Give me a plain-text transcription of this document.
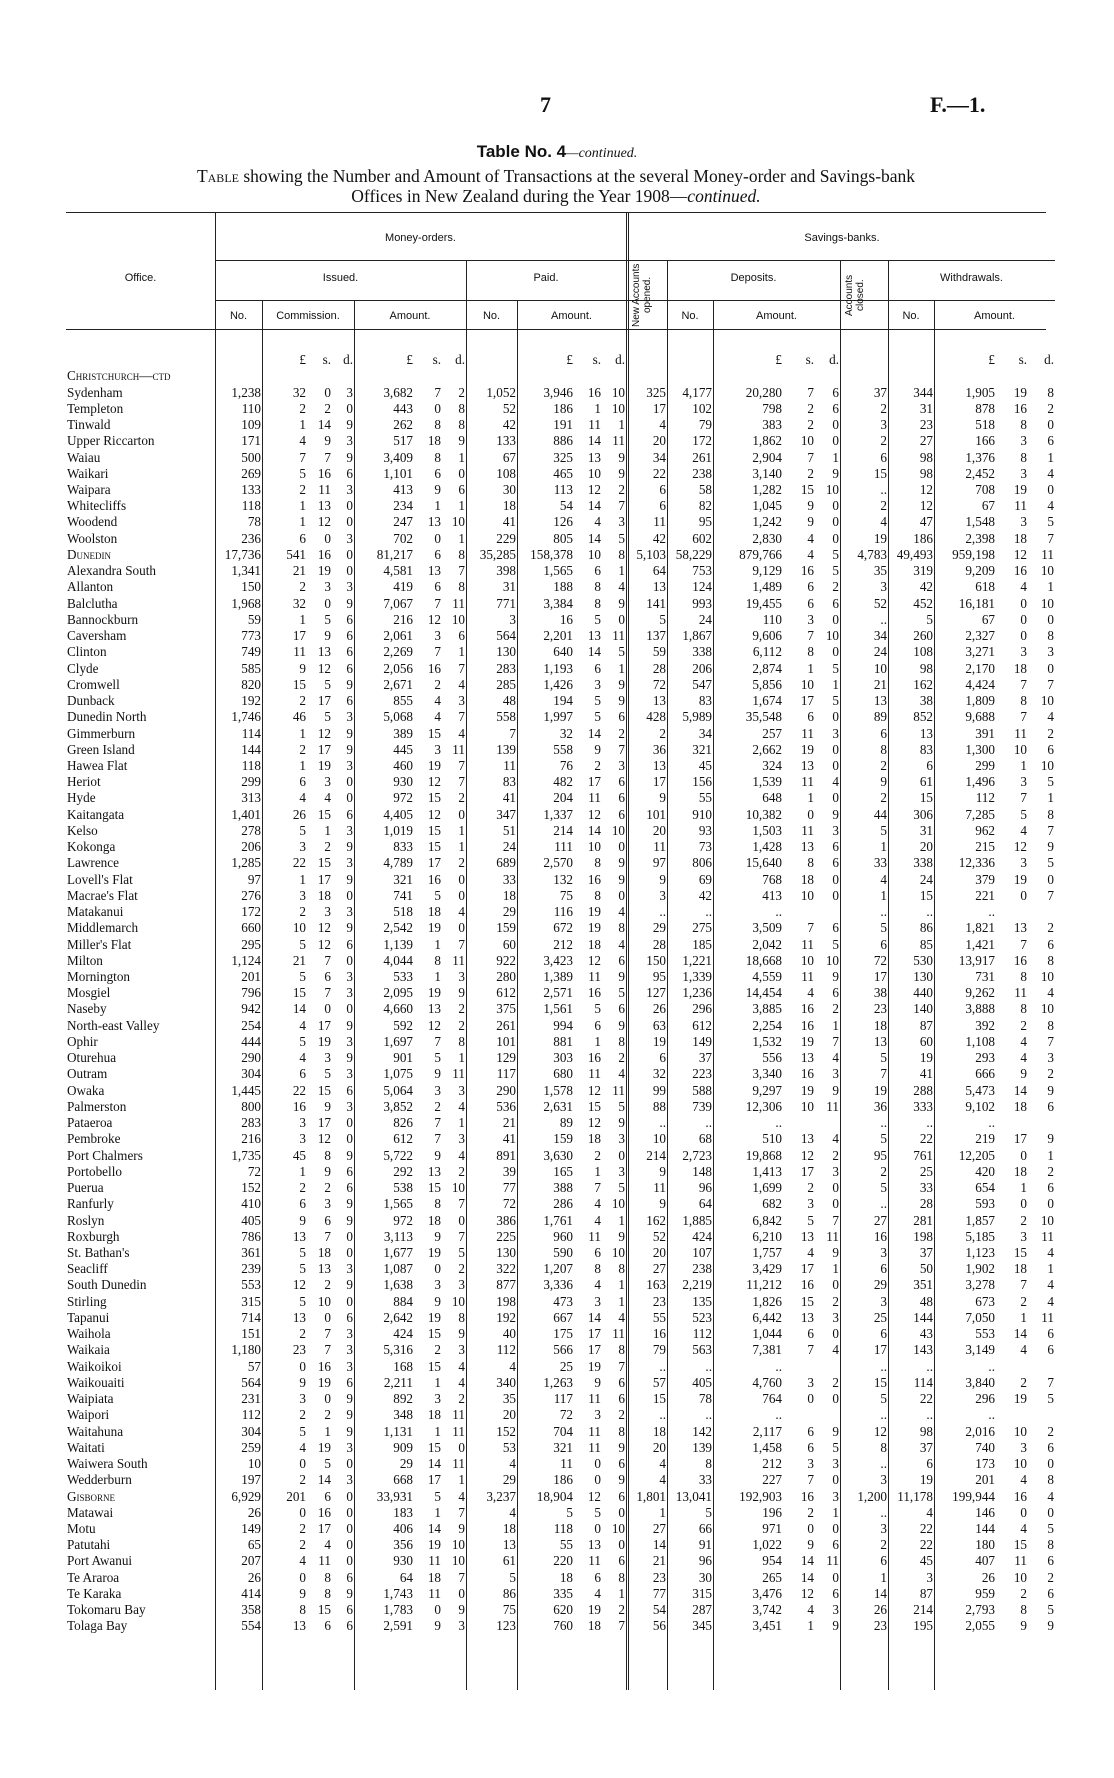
7	F.—1.
Table No. 4—continued.
Table showing the Number and Amount of Transactions at the several Money-order and Savings-bank
Offices in New Zealand during the Year 1908—continued.
Money-orders.	Savings-banks.
Office.	Issued.	Paid.	New Accounts opened.	Deposits.	Accounts closed.
Withdrawals.
No.	Commission.	Amount.	No.	Amount.	No.	Amount.	No.	Amount.
		£	s.	d.	£	s.	d.		£	s.	d.			£	s.	d.			£	s.	d.
Christchurch—ctd																					
Sydenham	1,238	32	0	3	3,682	7	2	1,052	3,946	16	10	325	4,177	20,280	7	6	37	344	1,905	19	8
Templeton	110	2	2	0	443	0	8	52	186	1	10	17	102	798	2	6	2	31	878	16	2
Tinwald	109	1	14	9	262	8	8	42	191	11	1	4	79	383	2	0	3	23	518	8	0
Upper Riccarton	171	4	9	3	517	18	9	133	886	14	11	20	172	1,862	10	0	2	27	166	3	6
Waiau	500	7	7	9	3,409	8	1	67	325	13	9	34	261	2,904	7	1	6	98	1,376	8	1
Waikari	269	5	16	6	1,101	6	0	108	465	10	9	22	238	3,140	2	9	15	98	2,452	3	4
Waipara	133	2	11	3	413	9	6	30	113	12	2	6	58	1,282	15	10	..	12	708	19	0
Whitecliffs	118	1	13	0	234	1	1	18	54	14	7	6	82	1,045	9	0	2	12	67	11	4
Woodend	78	1	12	0	247	13	10	41	126	4	3	11	95	1,242	9	0	4	47	1,548	3	5
Woolston	236	6	0	3	702	0	1	229	805	14	5	42	602	2,830	4	0	19	186	2,398	18	7
Dunedin	17,736	541	16	0	81,217	6	8	35,285	158,378	10	8	5,103	58,229	879,766	4	5	4,783	49,493	959,198	12	11
Alexandra South	1,341	21	19	0	4,581	13	7	398	1,565	6	1	64	753	9,129	16	5	35	319	9,209	16	10
Allanton	150	2	3	3	419	6	8	31	188	8	4	13	124	1,489	6	2	3	42	618	4	1
Balclutha	1,968	32	0	9	7,067	7	11	771	3,384	8	9	141	993	19,455	6	6	52	452	16,181	0	10
Bannockburn	59	1	5	6	216	12	10	3	16	5	0	5	24	110	3	0	..	5	67	0	0
Caversham	773	17	9	6	2,061	3	6	564	2,201	13	11	137	1,867	9,606	7	10	34	260	2,327	0	8
Clinton	749	11	13	6	2,269	7	1	130	640	14	5	59	338	6,112	8	0	24	108	3,271	3	3
Clyde	585	9	12	6	2,056	16	7	283	1,193	6	1	28	206	2,874	1	5	10	98	2,170	18	0
Cromwell	820	15	5	9	2,671	2	4	285	1,426	3	9	72	547	5,856	10	1	21	162	4,424	7	7
Dunback	192	2	17	6	855	4	3	48	194	5	9	13	83	1,674	17	5	13	38	1,809	8	10
Dunedin North	1,746	46	5	3	5,068	4	7	558	1,997	5	6	428	5,989	35,548	6	0	89	852	9,688	7	4
Gimmerburn	114	1	12	9	389	15	4	7	32	14	2	2	34	257	11	3	6	13	391	11	2
Green Island	144	2	17	9	445	3	11	139	558	9	7	36	321	2,662	19	0	8	83	1,300	10	6
Hawea Flat	118	1	19	3	460	19	7	11	76	2	3	13	45	324	13	0	2	6	299	1	10
Heriot	299	6	3	0	930	12	7	83	482	17	6	17	156	1,539	11	4	9	61	1,496	3	5
Hyde	313	4	4	0	972	15	2	41	204	11	6	9	55	648	1	0	2	15	112	7	1
Kaitangata	1,401	26	15	6	4,405	12	0	347	1,337	12	6	101	910	10,382	0	9	44	306	7,285	5	8
Kelso	278	5	1	3	1,019	15	1	51	214	14	10	20	93	1,503	11	3	5	31	962	4	7
Kokonga	206	3	2	9	833	15	1	24	111	10	0	11	73	1,428	13	6	1	20	215	12	9
Lawrence	1,285	22	15	3	4,789	17	2	689	2,570	8	9	97	806	15,640	8	6	33	338	12,336	3	5
Lovell's Flat	97	1	17	9	321	16	0	33	132	16	9	9	69	768	18	0	4	24	379	19	0
Macrae's Flat	276	3	18	0	741	5	0	18	75	8	0	3	42	413	10	0	1	15	221	0	7
Matakanui	172	2	3	3	518	18	4	29	116	19	4	..	..	..			..	..	..		
Middlemarch	660	10	12	9	2,542	19	0	159	672	19	8	29	275	3,509	7	6	5	86	1,821	13	2
Miller's Flat	295	5	12	6	1,139	1	7	60	212	18	4	28	185	2,042	11	5	6	85	1,421	7	6
Milton	1,124	21	7	0	4,044	8	11	922	3,423	12	6	150	1,221	18,668	10	10	72	530	13,917	16	8
Mornington	201	5	6	3	533	1	3	280	1,389	11	9	95	1,339	4,559	11	9	17	130	731	8	10
Mosgiel	796	15	7	3	2,095	19	9	612	2,571	16	5	127	1,236	14,454	4	6	38	440	9,262	11	4
Naseby	942	14	0	0	4,660	13	2	375	1,561	5	6	26	296	3,885	16	2	23	140	3,888	8	10
North-east Valley	254	4	17	9	592	12	2	261	994	6	9	63	612	2,254	16	1	18	87	392	2	8
Ophir	444	5	19	3	1,697	7	8	101	881	1	8	19	149	1,532	19	7	13	60	1,108	4	7
Oturehua	290	4	3	9	901	5	1	129	303	16	2	6	37	556	13	4	5	19	293	4	3
Outram	304	6	5	3	1,075	9	11	117	680	11	4	32	223	3,340	16	3	7	41	666	9	2
Owaka	1,445	22	15	6	5,064	3	3	290	1,578	12	11	99	588	9,297	19	9	19	288	5,473	14	9
Palmerston	800	16	9	3	3,852	2	4	536	2,631	15	5	88	739	12,306	10	11	36	333	9,102	18	6
Pataeroa	283	3	17	0	826	7	1	21	89	12	9	..	..	..			..	..	..		
Pembroke	216	3	12	0	612	7	3	41	159	18	3	10	68	510	13	4	5	22	219	17	9
Port Chalmers	1,735	45	8	9	5,722	9	4	891	3,630	2	0	214	2,723	19,868	12	2	95	761	12,205	0	1
Portobello	72	1	9	6	292	13	2	39	165	1	3	9	148	1,413	17	3	2	25	420	18	2
Puerua	152	2	2	6	538	15	10	77	388	7	5	11	96	1,699	2	0	5	33	654	1	6
Ranfurly	410	6	3	9	1,565	8	7	72	286	4	10	9	64	682	3	0	..	28	593	0	0
Roslyn	405	9	6	9	972	18	0	386	1,761	4	1	162	1,885	6,842	5	7	27	281	1,857	2	10
Roxburgh	786	13	7	0	3,113	9	7	225	960	11	9	52	424	6,210	13	11	16	198	5,185	3	11
St. Bathan's	361	5	18	0	1,677	19	5	130	590	6	10	20	107	1,757	4	9	3	37	1,123	15	4
Seacliff	239	5	13	3	1,087	0	2	322	1,207	8	8	27	238	3,429	17	1	6	50	1,902	18	1
South Dunedin	553	12	2	9	1,638	3	3	877	3,336	4	1	163	2,219	11,212	16	0	29	351	3,278	7	4
Stirling	315	5	10	0	884	9	10	198	473	3	1	23	135	1,826	15	2	3	48	673	2	4
Tapanui	714	13	0	6	2,642	19	8	192	667	14	4	55	523	6,442	13	3	25	144	7,050	1	11
Waihola	151	2	7	3	424	15	9	40	175	17	11	16	112	1,044	6	0	6	43	553	14	6
Waikaia	1,180	23	7	3	5,316	2	3	112	566	17	8	79	563	7,381	7	4	17	143	3,149	4	6
Waikoikoi	57	0	16	3	168	15	4	4	25	19	7	..	..	..			..	..	..		
Waikouaiti	564	9	19	6	2,211	1	4	340	1,263	9	6	57	405	4,760	3	2	15	114	3,840	2	7
Waipiata	231	3	0	9	892	3	2	35	117	11	6	15	78	764	0	0	5	22	296	19	5
Waipori	112	2	2	9	348	18	11	20	72	3	2	..	..	..			..	..	..		
Waitahuna	304	5	1	9	1,131	1	11	152	704	11	8	18	142	2,117	6	9	12	98	2,016	10	2
Waitati	259	4	19	3	909	15	0	53	321	11	9	20	139	1,458	6	5	8	37	740	3	6
Waiwera South	10	0	5	0	29	14	11	4	11	0	6	4	8	212	3	3	..	6	173	10	0
Wedderburn	197	2	14	3	668	17	1	29	186	0	9	4	33	227	7	0	3	19	201	4	8
Gisborne	6,929	201	6	0	33,931	5	4	3,237	18,904	12	6	1,801	13,041	192,903	16	3	1,200	11,178	199,944	16	4
Matawai	26	0	16	0	183	1	7	4	5	5	0	1	5	196	2	1	..	4	146	0	0
Motu	149	2	17	0	406	14	9	18	118	0	10	27	66	971	0	0	3	22	144	4	5
Patutahi	65	2	4	0	356	19	10	13	55	13	0	14	91	1,022	9	6	2	22	180	15	8
Port Awanui	207	4	11	0	930	11	10	61	220	11	6	21	96	954	14	11	6	45	407	11	6
Te Araroa	26	0	8	6	64	18	7	5	18	6	8	23	30	265	14	0	1	3	26	10	2
Te Karaka	414	9	8	9	1,743	11	0	86	335	4	1	77	315	3,476	12	6	14	87	959	2	6
Tokomaru Bay	358	8	15	6	1,783	0	9	75	620	19	2	54	287	3,742	4	3	26	214	2,793	8	5
Tolaga Bay	554	13	6	6	2,591	9	3	123	760	18	7	56	345	3,451	1	9	23	195	2,055	9	9
